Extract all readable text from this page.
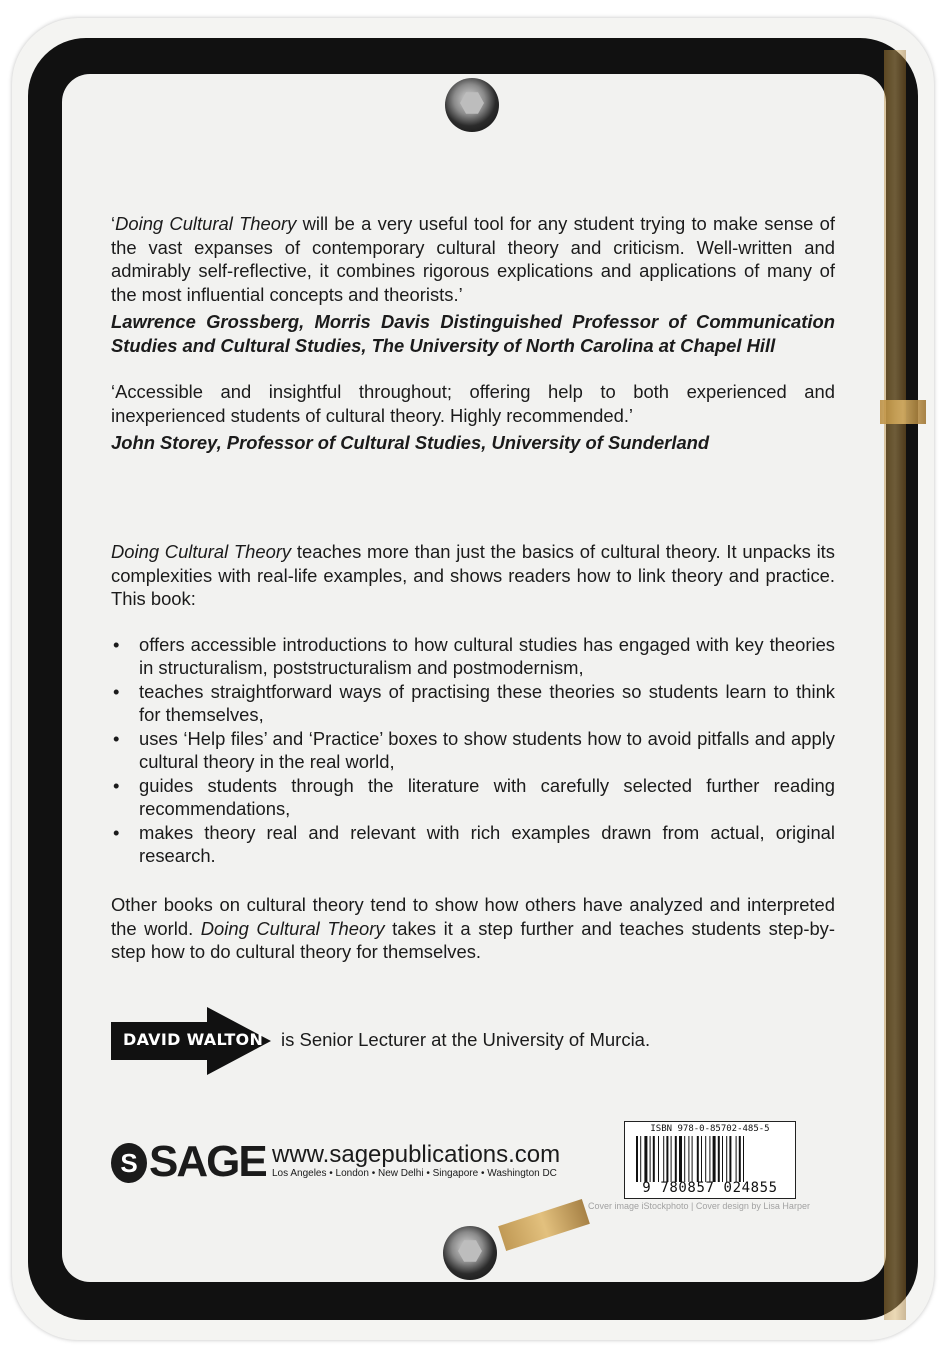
‘Doing Cultural Theory will be a very useful tool for any student trying to make sense of the vast expanses of contemporary cultural theory and criticism. Well-written and admirably self-reflective, it combines rigorous explications and applications of many of the most influential concepts and theorists.’
Lawrence Grossberg, Morris Davis Distinguished Professor of Communication Studies and Cultural Studies, The University of North Carolina at Chapel Hill
‘Accessible and insightful throughout; offering help to both experienced and inexperienced students of cultural theory. Highly recommended.’
John Storey, Professor of Cultural Studies, University of Sunderland
Doing Cultural Theory teaches more than just the basics of cultural theory. It unpacks its complexities with real-life examples, and shows readers how to link theory and practice. This book:
• offers accessible introductions to how cultural studies has engaged with key theories in structuralism, poststructuralism and postmodernism,
• teaches straightforward ways of practising these theories so students learn to think for themselves,
• uses ‘Help files’ and ‘Practice’ boxes to show students how to avoid pitfalls and apply cultural theory in the real world,
• guides students through the literature with carefully selected further reading recommendations,
• makes theory real and relevant with rich examples drawn from actual, original research.
Other books on cultural theory tend to show how others have analyzed and interpreted the world. Doing Cultural Theory takes it a step further and teaches students step-by-step how to do cultural theory for themselves.
DAVID WALTON is Senior Lecturer at the University of Murcia.
S SAGE www.sagepublications.com
Los Angeles • London • New Delhi • Singapore • Washington DC
ISBN 978-0-85702-485-5
9 780857 024855
Cover image iStockphoto | Cover design by Lisa Harper
